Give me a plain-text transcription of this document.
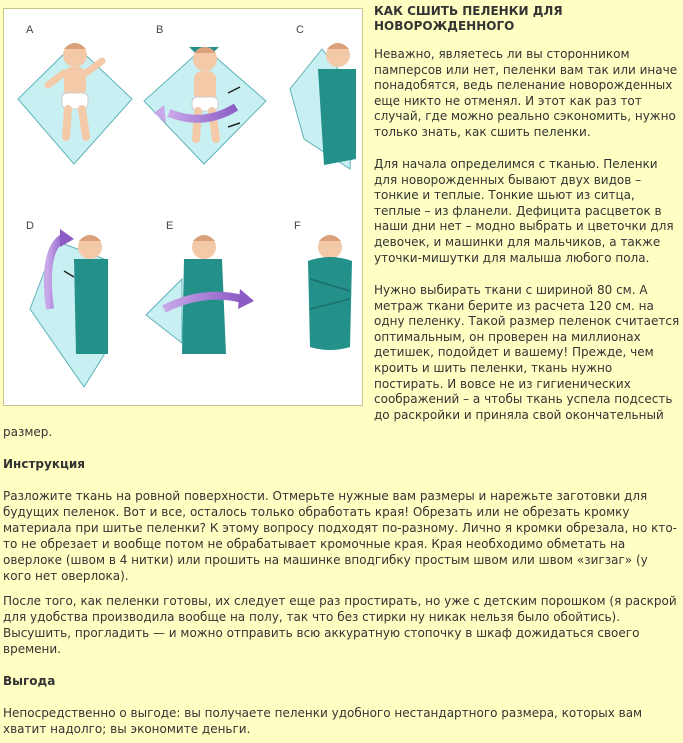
A	B	C
D	E	F
КАК СШИТЬ ПЕЛЕНКИ ДЛЯ НОВОРОЖДЕННОГО

Неважно, являетесь ли вы сторонником памперсов или нет, пеленки вам так или иначе понадобятся, ведь пеленание новорожденных еще никто не отменял. И этот как раз тот случай, где можно реально сэкономить, нужно только знать, как сшить пеленки.

Для начала определимся с тканью. Пеленки для новорожденных бывают двух видов – тонкие и теплые. Тонкие шьют из ситца, теплые – из фланели. Дефицита расцветок в наши дни нет – модно выбрать и цветочки для девочек, и машинки для мальчиков, а также уточки-мишутки для малыша любого пола.

Нужно выбирать ткани с шириной 80 см. А метраж ткани берите из расчета 120 см. на одну пеленку. Такой размер пеленок считается оптимальным, он проверен на миллионах детишек, подойдет и вашему! Прежде, чем кроить и шить пеленки, ткань нужно постирать. И вовсе не из гигиенических соображений – а чтобы ткань успела подсесть до раскройки и приняла свой окончательный

размер.

Инструкция

Разложите ткань на ровной поверхности. Отмерьте нужные вам размеры и нарежьте заготовки для будущих пеленок. Вот и все, осталось только обработать края! Обрезать или не обрезать кромку материала при шитье пеленки? К этому вопросу подходят по-разному. Лично я кромки обрезала, но кто-то не обрезает и вообще потом не обрабатывает кромочные края. Края необходимо обметать на оверлоке (швом в 4 нитки) или прошить на машинке вподгибку простым швом или швом «зигзаг» (у кого нет оверлока).

После того, как пеленки готовы, их следует еще раз простирать, но уже с детским порошком (я раскрой для удобства производила вообще на полу, так что без стирки ну никак нельзя было обойтись). Высушить, прогладить — и можно отправить всю аккуратную стопочку в шкаф дожидаться своего времени.

Выгода

Непосредственно о выгоде: вы получаете пеленки удобного нестандартного размера, которых вам хватит надолго; вы экономите деньги.
